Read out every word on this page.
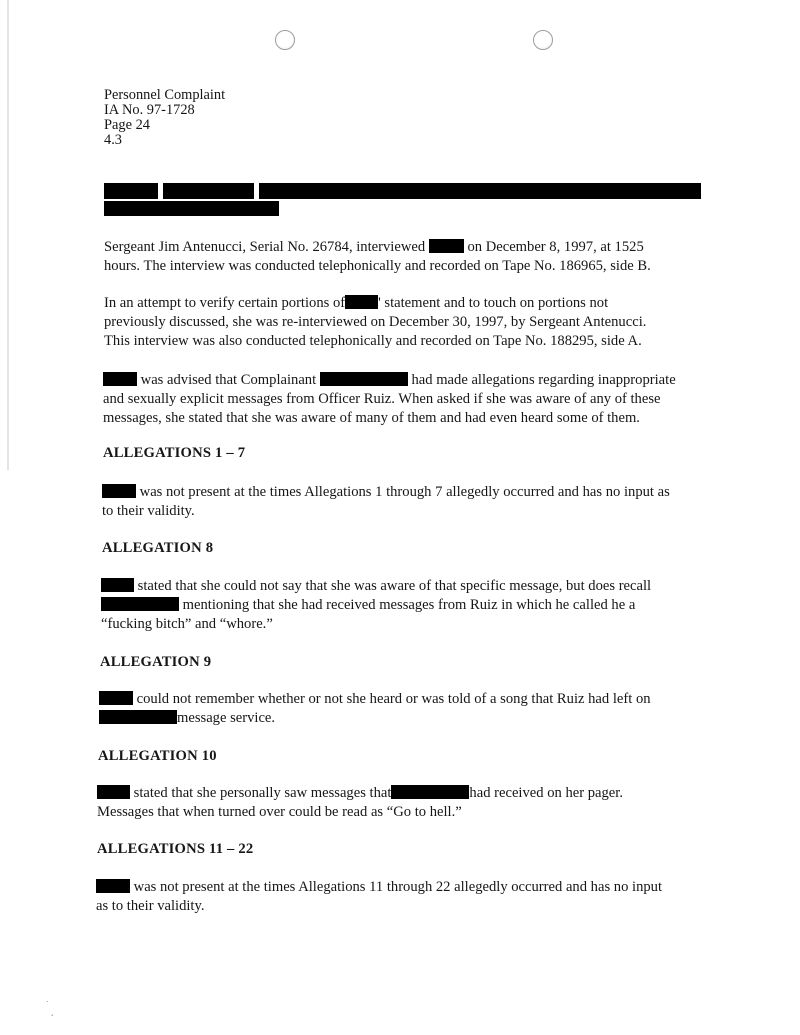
Personnel Complaint
IA No. 97-1728
Page 24
4.3
Sergeant Jim Antenucci, Serial No. 26784, interviewed	on December 8, 1997, at 1525
hours. The interview was conducted telephonically and recorded on Tape No. 186965, side B.
In an attempt to verify certain portions of ' statement and to touch on portions not
previously discussed, she was re-interviewed on December 30, 1997, by Sergeant Antenucci.
This interview was also conducted telephonically and recorded on Tape No. 188295, side A.
was advised that Complainant	had made allegations regarding inappropriate
and sexually explicit messages from Officer Ruiz. When asked if she was aware of any of these
messages, she stated that she was aware of many of them and had even heard some of them.
ALLEGATIONS 1 – 7
was not present at the times Allegations 1 through 7 allegedly occurred and has no input as
to their validity.
ALLEGATION 8
stated that she could not say that she was aware of that specific message, but does recall
mentioning that she had received messages from Ruiz in which he called he a
“fucking bitch” and “whore.”
ALLEGATION 9
could not remember whether or not she heard or was told of a song that Ruiz had left on
message service.
ALLEGATION 10
stated that she personally saw messages that	had received on her pager.
Messages that when turned over could be read as “Go to hell.”
ALLEGATIONS 11 – 22
was not present at the times Allegations 11 through 22 allegedly occurred and has no input
as to their validity.
·
‘
